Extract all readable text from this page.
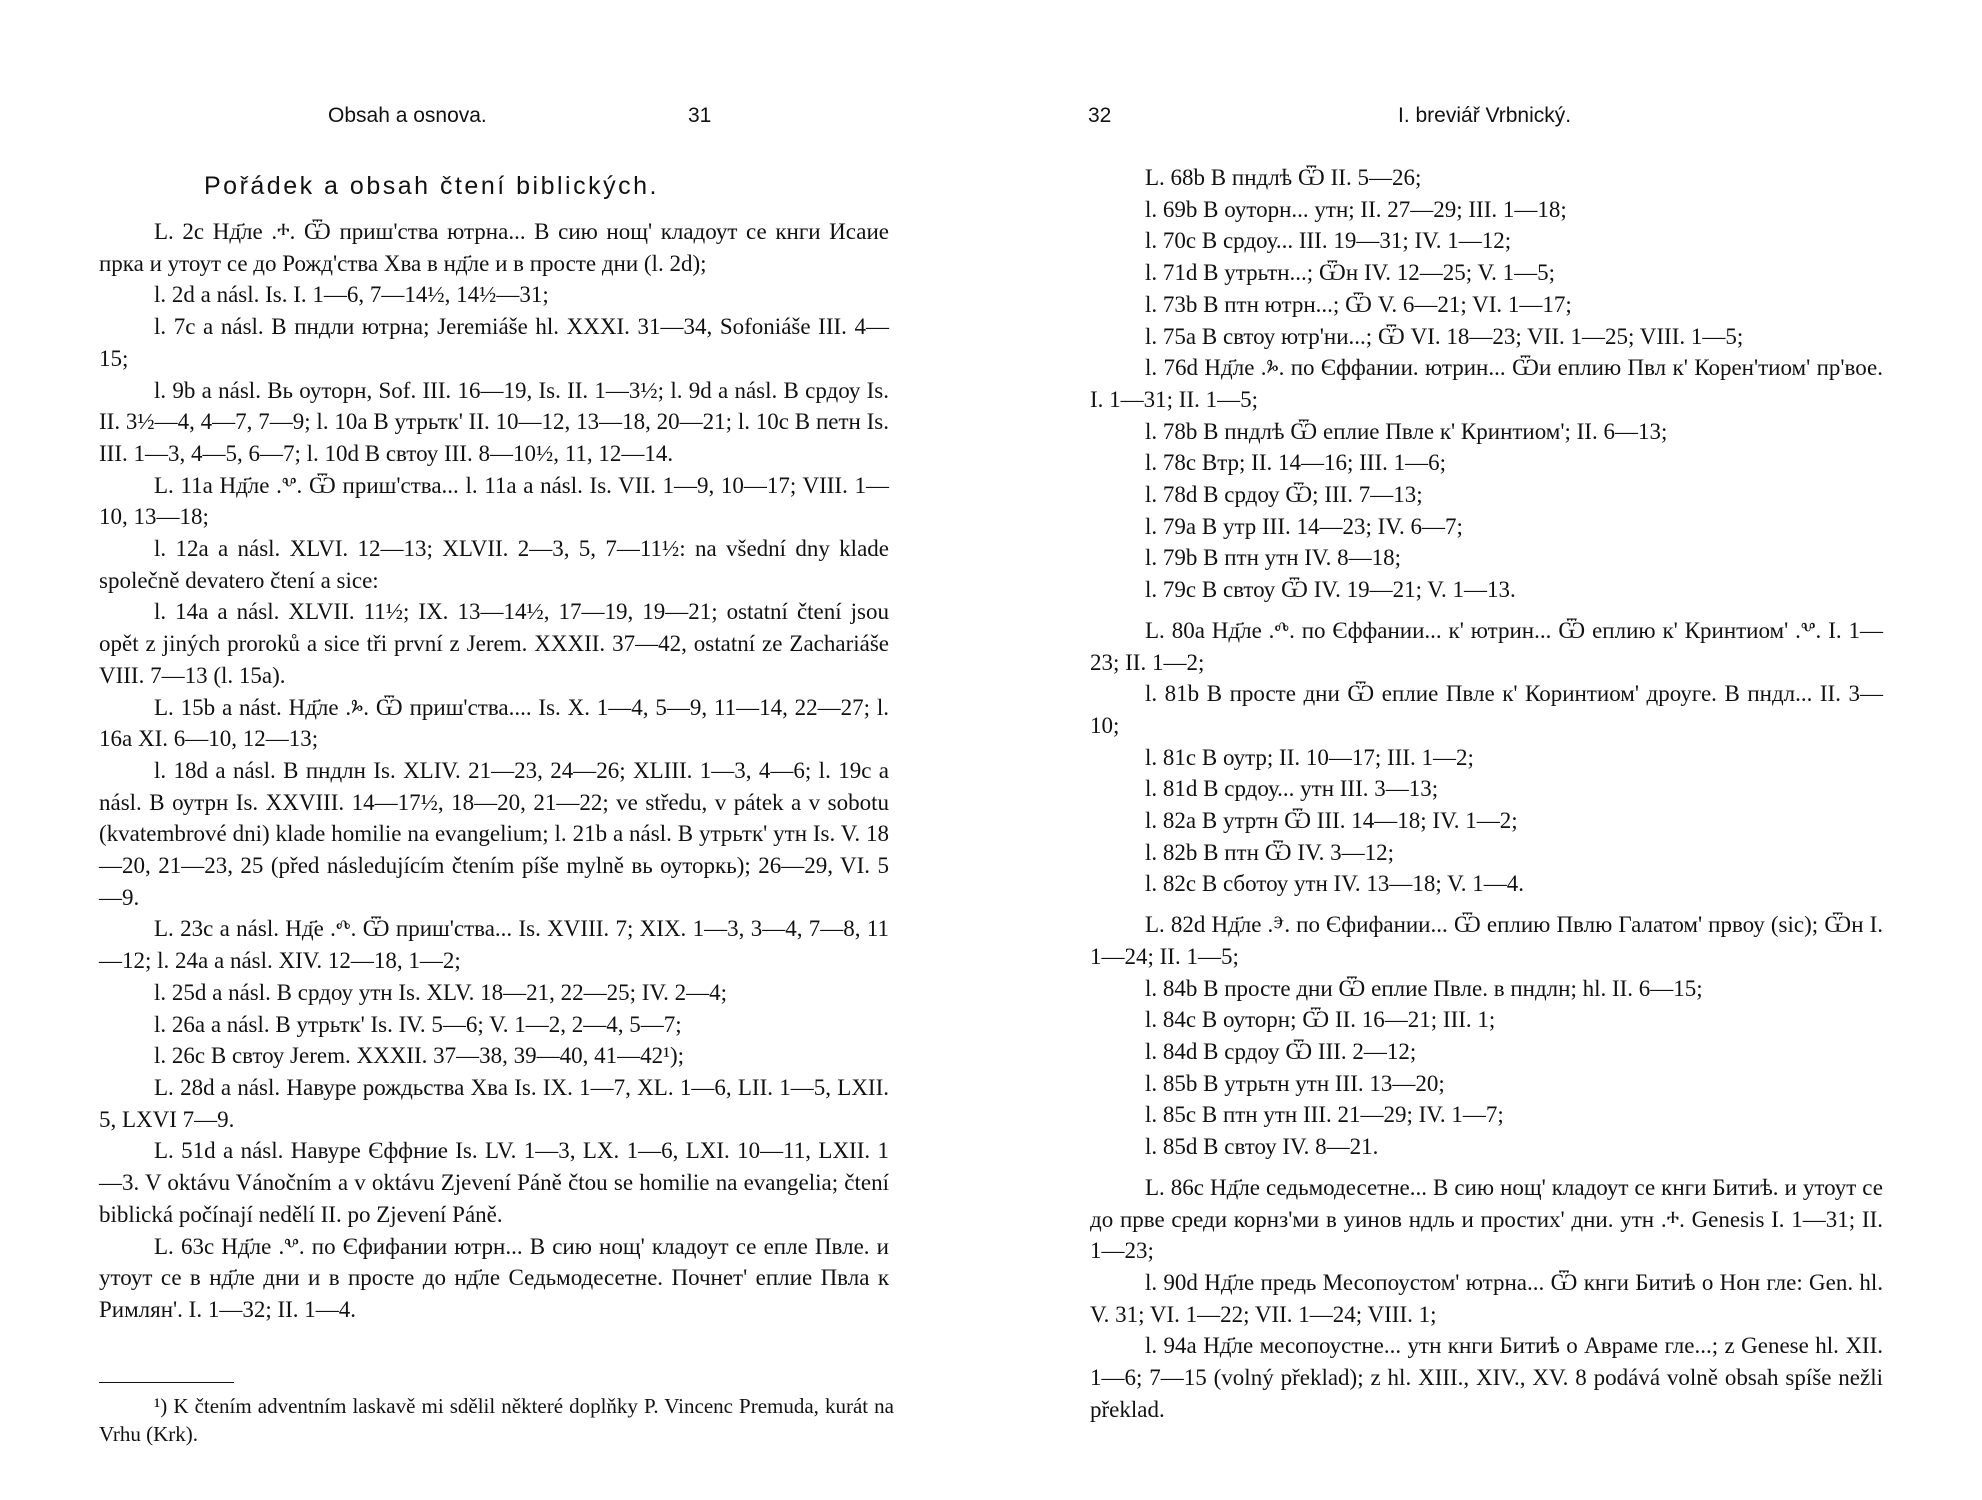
Obsah a osnova.	31
Pořádek a obsah čtení biblických.

L. 2c Нд҃ле .ⰰ. Ѿ приш'ства ютрна... В сию нощ' кладоут се кнги Исаие прка и утоут се до Рожд'ства Хва в нд҃ле и в просте дни (l. 2d);

l. 2d a násl. Is. I. 1—6, 7—14½, 14½—31;

l. 7c a násl. В пндли ютрна; Jeremiáše hl. XXXI. 31—34, Sofoniáše III. 4—15;

l. 9b a násl. Вь оуторн, Sof. III. 16—19, Is. II. 1—3½; l. 9d a násl. В срдоу Is. II. 3½—4, 4—7, 7—9; l. 10a В утрьтк' II. 10—12, 13—18, 20—21; l. 10c В петн Is. III. 1—3, 4—5, 6—7; l. 10d В свтоу III. 8—10½, 11, 12—14.

L. 11a Нд҃ле .ⰲ. Ѿ приш'ства... l. 11a a násl. Is. VII. 1—9, 10—17; VIII. 1—10, 13—18;

l. 12a a násl. XLVI. 12—13; XLVII. 2—3, 5, 7—11½: na všední dny klade společně devatero čtení a sice:

l. 14a a násl. XLVII. 11½; IX. 13—14½, 17—19, 19—21; ostatní čtení jsou opět z jiných proroků a sice tři první z Jerem. XXXII. 37—42, ostatní ze Zachariáše VIII. 7—13 (l. 15a).

L. 15b a nást. Нд҃ле .ⰳ. Ѿ приш'ства.... Is. X. 1—4, 5—9, 11—14, 22—27; l. 16a XI. 6—10, 12—13;

l. 18d a násl. В пндлн Is. XLIV. 21—23, 24—26; XLIII. 1—3, 4—6; l. 19c a násl. В оутрн Is. XXVIII. 14—17½, 18—20, 21—22; ve středu, v pátek a v sobotu (kvatembrové dni) klade homilie na evangelium; l. 21b a násl. В утрьтк' утн Is. V. 18—20, 21—23, 25 (před následujícím čtením píše mylně вь оуторкь); 26—29, VI. 5—9.

L. 23c a násl. Нд҃е .ⰴ. Ѿ приш'ства... Is. XVIII. 7; XIX. 1—3, 3—4, 7—8, 11—12; l. 24a a násl. XIV. 12—18, 1—2;

l. 25d a násl. В срдоу утн Is. XLV. 18—21, 22—25; IV. 2—4;

l. 26a a násl. В утрьтк' Is. IV. 5—6; V. 1—2, 2—4, 5—7;

l. 26c В свтоу Jerem. XXXII. 37—38, 39—40, 41—42¹);

L. 28d a násl. Навуре рождьства Хва Is. IX. 1—7, XL. 1—6, LII. 1—5, LXII. 5, LXVI 7—9.

L. 51d a násl. Навуре Єффние Is. LV. 1—3, LX. 1—6, LXI. 10—11, LXII. 1—3. V oktávu Vánočním a v oktávu Zjevení Páně čtou se homilie na evangelia; čtení biblická počínají nedělí II. po Zjevení Páně.

L. 63c Нд҃ле .ⰲ. по Єфифании ютрн... В сию нощ' кладоут се епле Пвле. и утоут се в нд҃ле дни и в просте до нд҃ле Седьмодесетне. Почнет' еплие Пвла к Римлян'. I. 1—32; II. 1—4.

¹) K čtením adventním laskavě mi sdělil některé doplňky P. Vincenc Premuda, kurát na Vrhu (Krk).

32	I. breviář Vrbnický.

L. 68b В пндлѣ Ѿ II. 5—26;

l. 69b В оуторн... утн; II. 27—29; III. 1—18;

l. 70c В срдоу... III. 19—31; IV. 1—12;

l. 71d В утрьтн...; Ѿн IV. 12—25; V. 1—5;

l. 73b В птн ютрн...; Ѿ V. 6—21; VI. 1—17;

l. 75a В свтоу ютр'ни...; Ѿ VI. 18—23; VII. 1—25; VIII. 1—5;

l. 76d Нд҃ле .ⰳ. по Єффании. ютрин... Ѿи еплию Пвл к' Корен'тиом' пр'вое. I. 1—31; II. 1—5;

l. 78b В пндлѣ Ѿ еплие Пвле к' Кринтиом'; II. 6—13;

l. 78c Втр; II. 14—16; III. 1—6;

l. 78d В срдоу Ѿ; III. 7—13;

l. 79a В утр III. 14—23; IV. 6—7;

l. 79b В птн утн IV. 8—18;

l. 79c В свтоу Ѿ IV. 19—21; V. 1—13.

L. 80a Нд҃ле .ⰴ. по Єффании... к' ютрин... Ѿ еплию к' Кринтиом' .ⰲ. I. 1—23; II. 1—2;

l. 81b В просте дни Ѿ еплие Пвле к' Коринтиом' дроуге. В пндл... II. 3—10;

l. 81c В оутр; II. 10—17; III. 1—2;

l. 81d В срдоу... утн III. 3—13;

l. 82a В утртн Ѿ III. 14—18; IV. 1—2;

l. 82b В птн Ѿ IV. 3—12;

l. 82c В сботоу утн IV. 13—18; V. 1—4.

L. 82d Нд҃ле .ⰵ. по Єфифании... Ѿ еплию Пвлю Галатом' првоу (sic); Ѿн I. 1—24; II. 1—5;

l. 84b В просте дни Ѿ еплие Пвле. в пндлн; hl. II. 6—15;

l. 84c В оуторн; Ѿ II. 16—21; III. 1;

l. 84d В срдоу Ѿ III. 2—12;

l. 85b В утрьтн утн III. 13—20;

l. 85c В птн утн III. 21—29; IV. 1—7;

l. 85d В свтоу IV. 8—21.

L. 86c Нд҃ле седьмодесетне... В сию нощ' кладоут се кнги Битиѣ. и утоут се до прве среди корнз'ми в уинов ндль и простих' дни. утн .ⰰ. Genesis I. 1—31; II. 1—23;

l. 90d Нд҃ле предь Месопоустом' ютрна... Ѿ кнги Битиѣ о Нон гле: Gen. hl. V. 31; VI. 1—22; VII. 1—24; VIII. 1;

l. 94a Нд҃ле месопоустне... утн кнги Битиѣ о Авраме гле...; z Genese hl. XII. 1—6; 7—15 (volný překlad); z hl. XIII., XIV., XV. 8 podává volně obsah spíše nežli překlad.
